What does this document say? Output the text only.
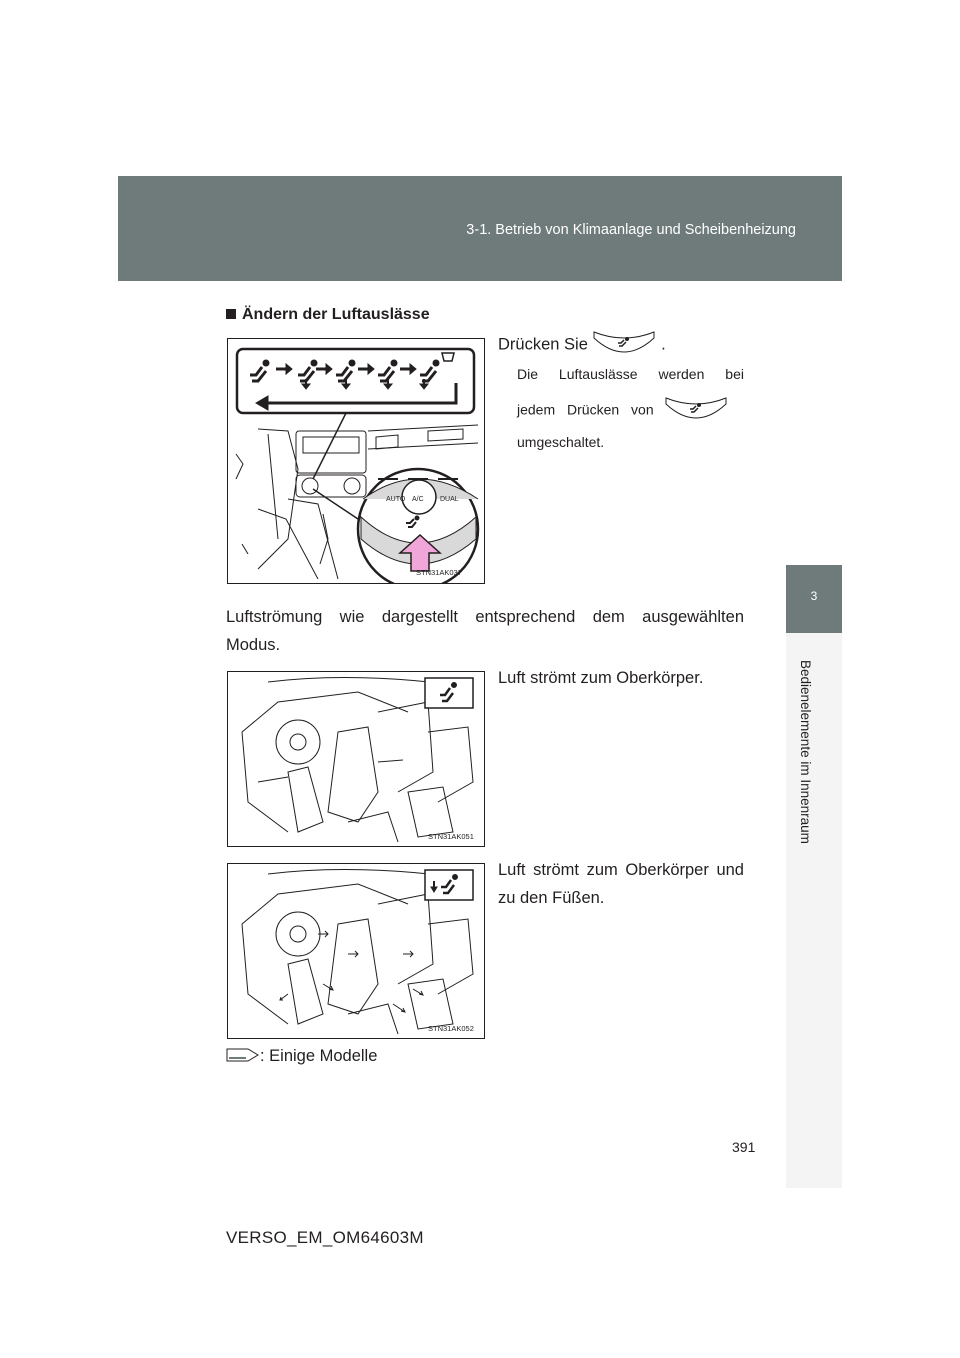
3-1. Betrieb von Klimaanlage und Scheibenheizung
3
Bedienelemente im Innenraum
Ändern der Luftauslässe
AUTO A/C DUAL
STN31AK037
Drücken Sie	.
Die Luftauslässe werden bei
jedem Drücken von
umgeschaltet.
Luftströmung wie dargestellt entsprechend dem ausgewählten
Modus.
STN31AK051
Luft strömt zum Oberkörper.
STN31AK052
Luft strömt zum Oberkörper und
zu den Füßen.
: Einige Modelle
391
VERSO_EM_OM64603M
